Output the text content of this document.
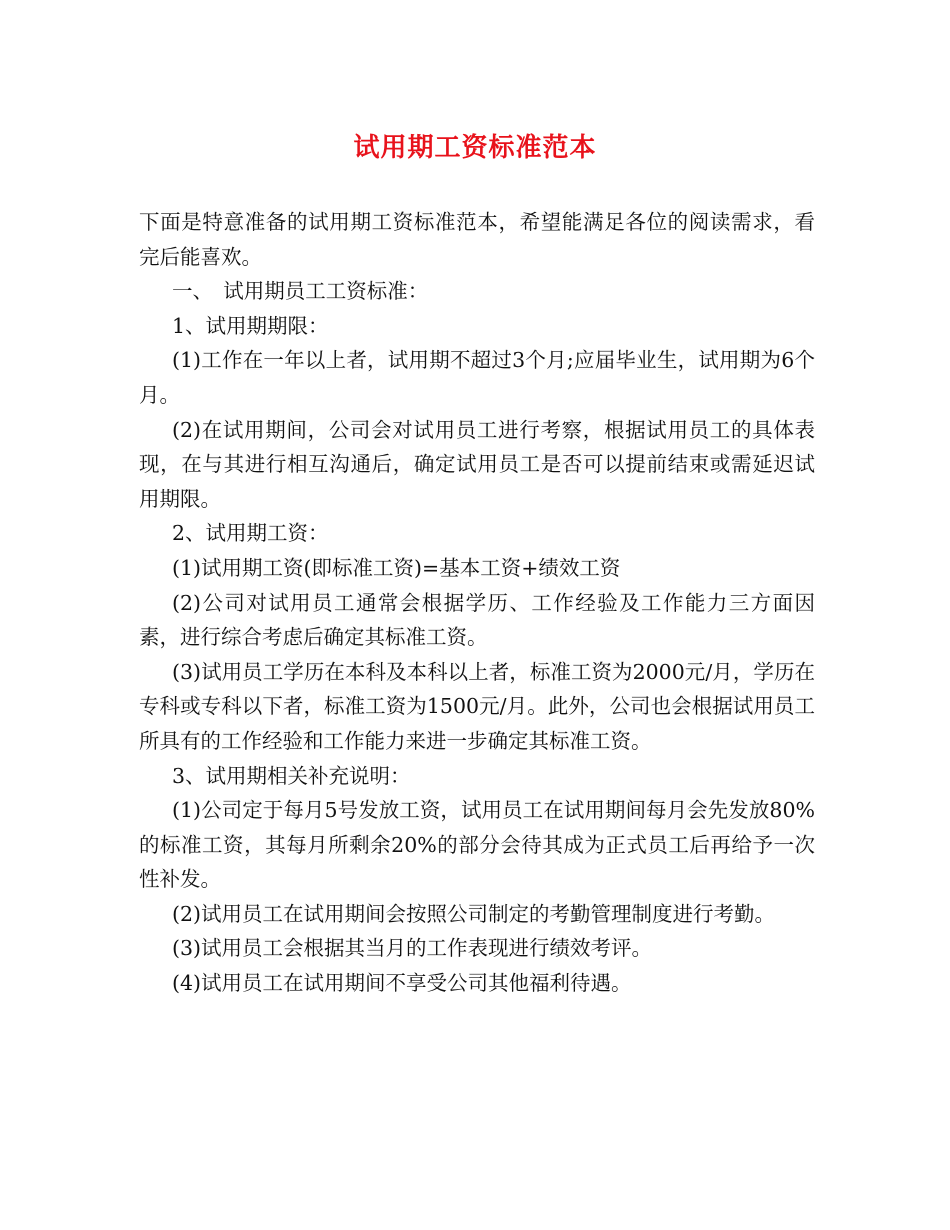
试用期工资标准范本

下面是特意准备的试用期工资标准范本，希望能满足各位的阅读需求，看完后能喜欢。

一、　试用期员工工资标准：

1、试用期期限：

(1)工作在一年以上者，试用期不超过3个月;应届毕业生，试用期为6个月。

(2)在试用期间，公司会对试用员工进行考察，根据试用员工的具体表现，在与其进行相互沟通后，确定试用员工是否可以提前结束或需延迟试用期限。

2、试用期工资：

(1)试用期工资(即标准工资)=基本工资+绩效工资

(2)公司对试用员工通常会根据学历、工作经验及工作能力三方面因素，进行综合考虑后确定其标准工资。

(3)试用员工学历在本科及本科以上者，标准工资为2000元/月，学历在专科或专科以下者，标准工资为1500元/月。此外，公司也会根据试用员工所具有的工作经验和工作能力来进一步确定其标准工资。

3、试用期相关补充说明：

(1)公司定于每月5号发放工资，试用员工在试用期间每月会先发放80%的标准工资，其每月所剩余20%的部分会待其成为正式员工后再给予一次性补发。

(2)试用员工在试用期间会按照公司制定的考勤管理制度进行考勤。

(3)试用员工会根据其当月的工作表现进行绩效考评。

(4)试用员工在试用期间不享受公司其他福利待遇。
